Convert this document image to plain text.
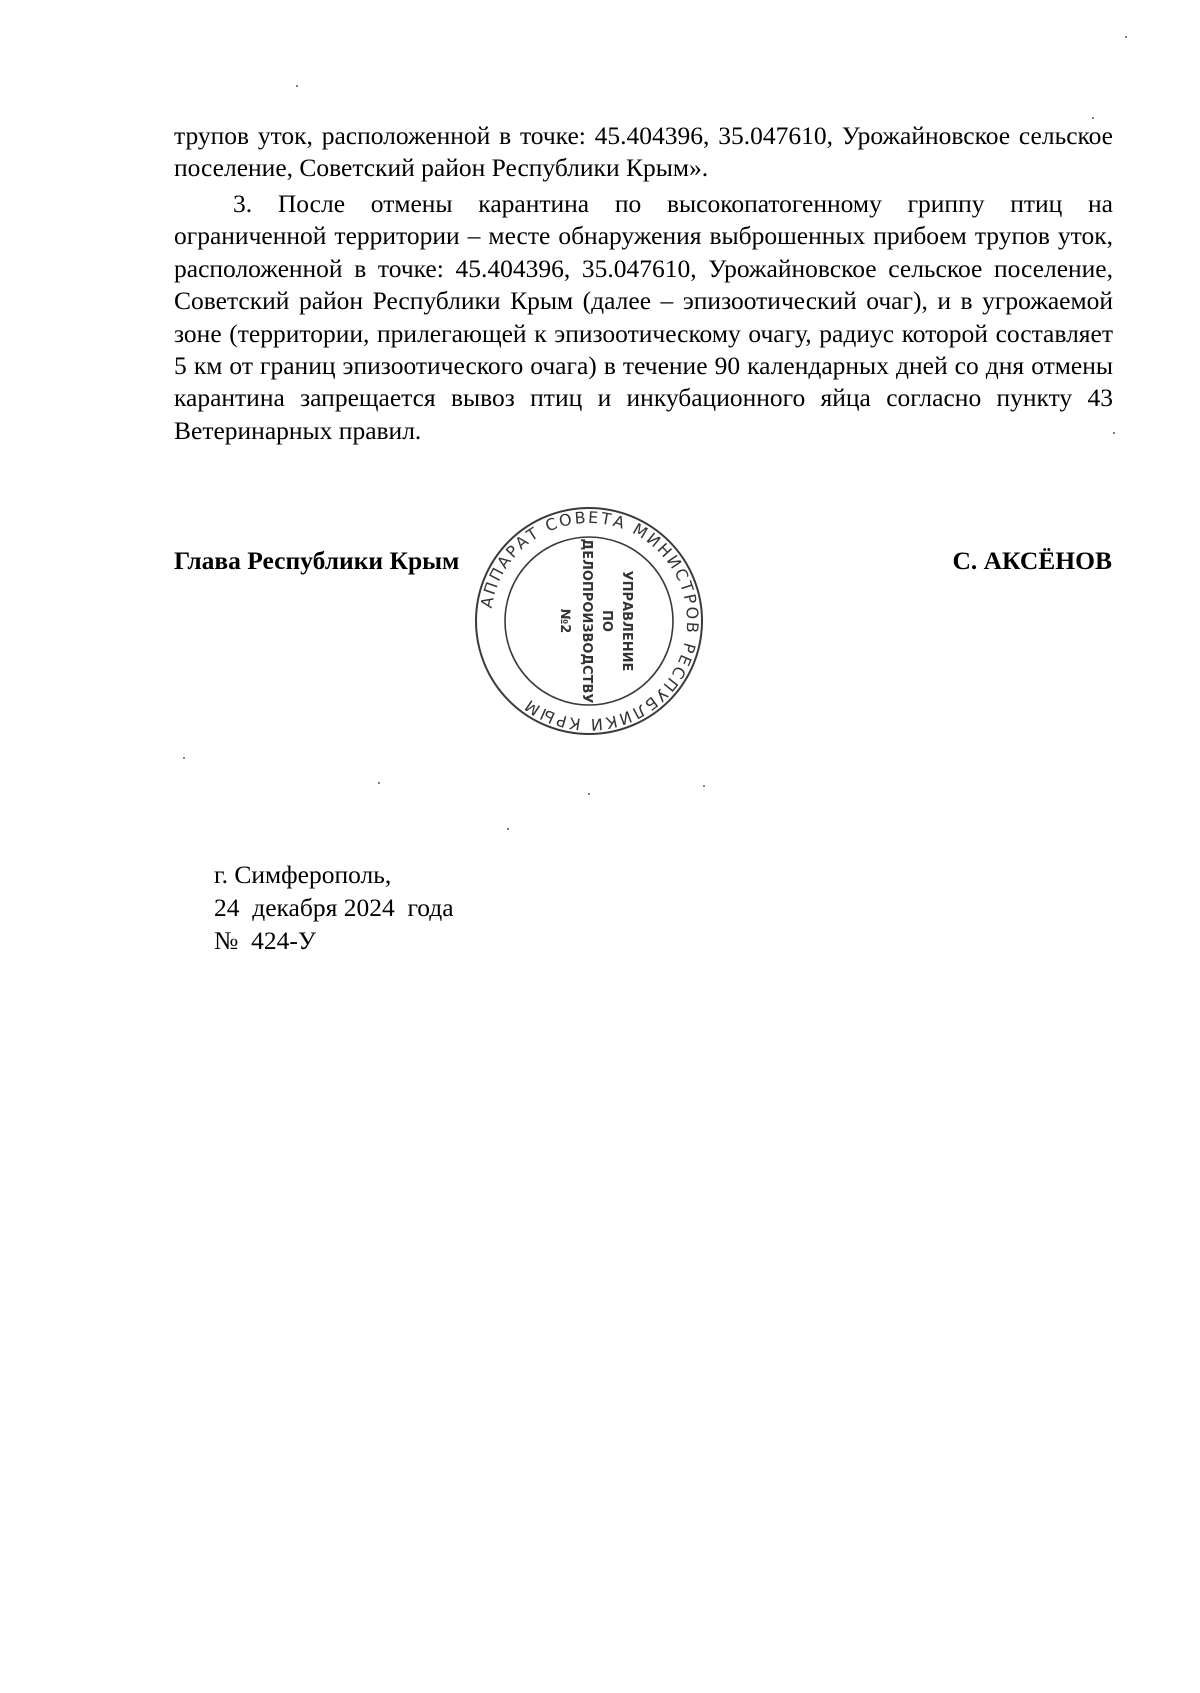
трупов уток, расположенной в точке: 45.404396, 35.047610, Урожайновское сельское поселение, Советский район Республики Крым».

3. После отмены карантина по высокопатогенному гриппу птиц на ограниченной территории – месте обнаружения выброшенных прибоем трупов уток, расположенной в точке: 45.404396, 35.047610, Урожайновское сельское поселение, Советский район Республики Крым (далее – эпизоотический очаг), и в угрожаемой зоне (территории, прилегающей к эпизоотическому очагу, радиус которой составляет 5 км от границ эпизоотического очага) в течение 90 календарных дней со дня отмены карантина запрещается вывоз птиц и инкубационного яйца согласно пункту 43 Ветеринарных правил.

Глава Республики Крым	С. АКСЁНОВ
АППАРАТ СОВЕТА МИНИСТРОВ РЕСПУБЛИКИ КРЫМ
УПРАВЛЕНИЕ
ПО
ДЕЛОПРОИЗВОДСТВУ
№2
г. Симферополь,
24  декабря 2024  года
№  424-У
